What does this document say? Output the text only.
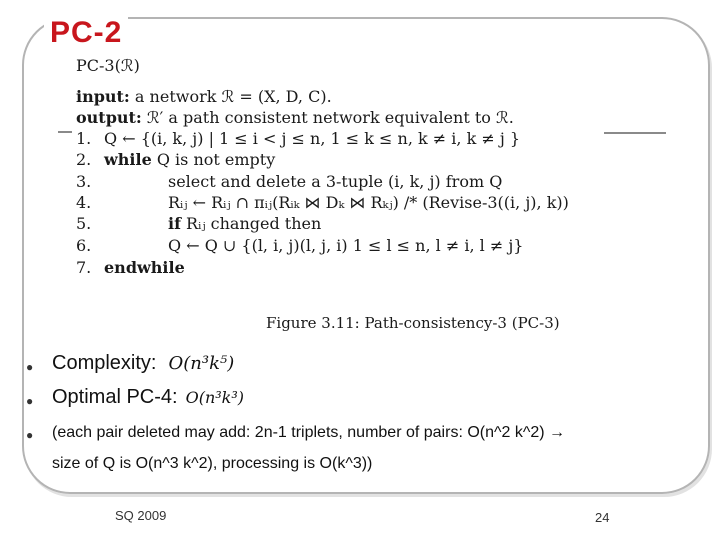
PC-2
PC-3(ℛ)
input: a network ℛ = (X, D, C).
output: ℛ′ a path consistent network equivalent to ℛ.
1. Q ← {(i, k, j) | 1 ≤ i < j ≤ n, 1 ≤ k ≤ n, k ≠ i, k ≠ j }
2. while Q is not empty
3.	select and delete a 3-tuple (i, k, j) from Q
4.	Rᵢⱼ ← Rᵢⱼ ∩ πᵢⱼ(Rᵢₖ ⋈ Dₖ ⋈ Rₖⱼ) /* (Revise-3((i, j), k))
5.	if Rᵢⱼ changed then
6.	Q ← Q ∪ {(l, i, j)(l, j, i) 1 ≤ l ≤ n, l ≠ i, l ≠ j}
7. endwhile
Figure 3.11: Path-consistency-3 (PC-3)
● Complexity: O(n³k⁵)
● Optimal PC-4: O(n³k³)
● (each pair deleted may add: 2n-1 triplets, number of pairs: O(n^2 k^2) →
size of Q is O(n^3 k^2), processing is O(k^3))
SQ 2009	24
